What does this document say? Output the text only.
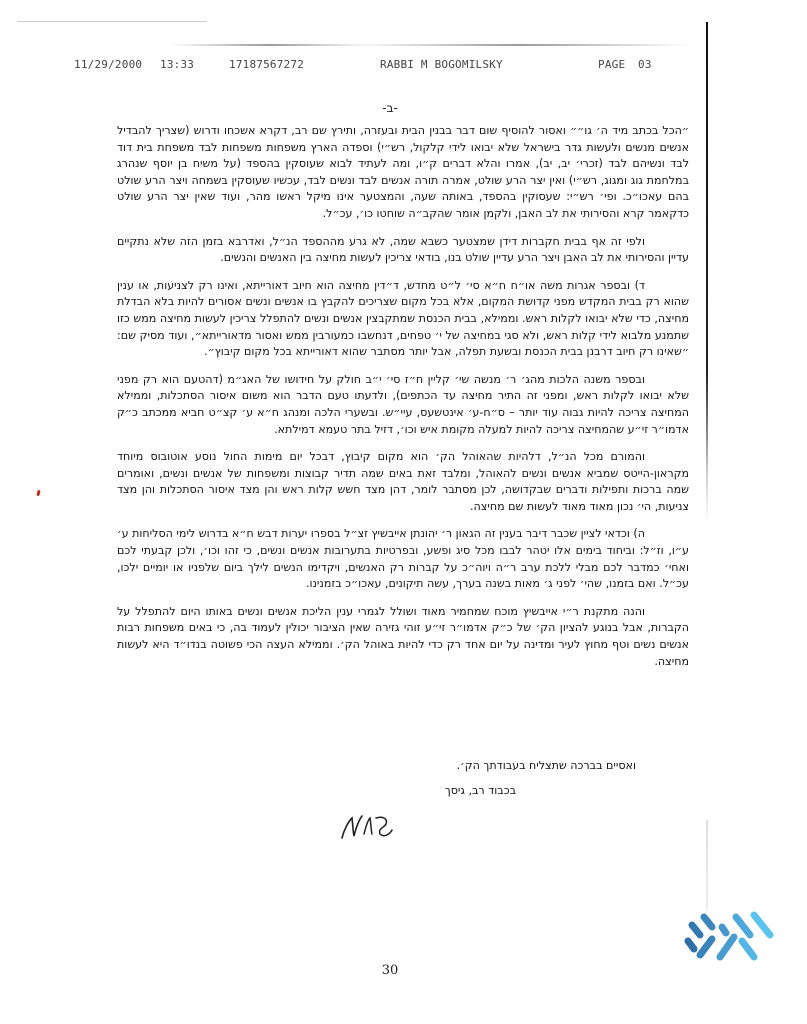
11/29/2000 13:33	17187567272	RABBI M BOGOMILSKY	PAGE 03
-ב-

״הכל בכתב מיד ה׳ גו״״ ואסור להוסיף שום דבר בבנין הבית ובעזרה, ותירץ שם רב, דקרא אשכחו ודרוש (שצריך להבדיל אנשים מנשים ולעשות גדר בישראל שלא יבואו לידי קלקול, רש״י) וספדה הארץ משפחות משפחות לבד משפחת בית דוד לבד ונשיהם לבד (זכרי׳ יב, יב), אמרו והלא דברים ק״ו, ומה לעתיד לבוא שעוסקין בהספד (על משיח בן יוסף שנהרג במלחמת גוג ומגוג, רש״י) ואין יצר הרע שולט, אמרה תורה אנשים לבד ונשים לבד, עכשיו שעוסקין בשמחה ויצר הרע שולט בהם עאכו״כ. ופי׳ רש״י: שעסוקין בהספד, באותה שעה, והמצטער אינו מיקל ראשו מהר, ועוד שאין יצר הרע שולט כדקאמר קרא והסירותי את לב האבן, ולקמן אומר שהקב״ה שוחטו כו׳, עכ״ל.

ולפי זה אף בבית חקברות דידן שמצטער כשבא שמה, לא גרע מההספד הנ״ל, ואדרבא בזמן הזה שלא נתקיים עדיין והסירותי את לב האבן ויצר הרע עדיין שולט בנו, בודאי צריכין לעשות מחיצה בין האנשים והנשים.

ד) ובספר אגרות משה או״ח ח״א סי׳ ל״ט מחדש, ד״דין מחיצה הוא חיוב דאורייתא, ואינו רק לצניעות, או ענין שהוא רק בבית המקדש מפני קדושת המקום, אלא בכל מקום שצריכים להקבץ בו אנשים ונשים אסורים להיות בלא הבדלת מחיצה, כדי שלא יבואו לקלות ראש. וממילא, בבית הכנסת שמתקבצין אנשים ונשים להתפלל צריכין לעשות מחיצה ממש כזו שתמנע מלבוא לידי קלות ראש, ולא סגי במחיצה של י׳ טפחים, דנחשבו כמעורבין ממש ואסור מדאורייתא״, ועוד מסיק שם: ״שאינו רק חיוב דרבנן בבית הכנסת ובשעת תפלה, אבל יותר מסתבר שהוא דאורייתא בכל מקום קיבוץ״.

ובספר משנה הלכות מהג׳ ר׳ מנשה שי׳ קליין ח״ז סי׳ י״ב חולק על חידושו של האג״מ (דהטעם הוא רק מפני שלא יבואו לקלות ראש, ומפני זה התיר מחיצה עד הכתפים), ולדעתו טעם הדבר הוא משום איסור הסתכלות, וממילא המחיצה צריכה להיות גבוה עוד יותר – ס״ח-ע׳ אינטשעס, עיי״ש. ובשערי הלכה ומנהג ח״א ע׳ קצ״ט חביא ממכתב כ״ק אדמו״ר זי״ע שהמחיצה צריכה להיות למעלה מקומת איש וכו׳, דזיל בתר טעמא דמילתא.

והמורם מכל הנ״ל, דלהיות שהאוהל הק׳ הוא מקום קיבוץ, דבכל יום מימות החול נוסע אוטובוס מיוחד מקראון-הייטס שמביא אנשים ונשים להאוהל, ומלבד זאת באים שמה תדיר קבוצות ומשפחות של אנשים ונשים, ואומרים שמה ברכות ותפילות ודברים שבקדושה, לכן מסתבר לומר, דהן מצד חשש קלות ראש והן מצד איסור הסתכלות והן מצד צניעות, הי׳ נכון מאוד מאוד לעשות שם מחיצה.

ה) וכדאי לציין שכבר דיבר בענין זה הגאון ר׳ יהונתן אייבשיץ זצ״ל בספרו יערות דבש ח״א בדרוש לימי הסליחות ע׳ ע״ו, וז״ל: וביחוד בימים אלו יטהר לבבו מכל סיג ופשע, ובפרטיות בתערובות אנשים ונשים, כי זהו וכו׳, ולכן קבעתי לכם ואחי׳ כמדבר לכם מבלי ללכת ערב ר״ה ויוה״כ על קברות רק האנשים, ויקדימו הנשים לילך ביום שלפניו או יומיים ילכו, עכ״ל. ואם בזמנו, שהי׳ לפני ג׳ מאות בשנה בערך, עשה תיקונים, עאכו״כ בזמנינו.

והנה מתקנת ר״י אייבשיץ מוכח שמחמיר מאוד ושולל לגמרי ענין הליכת אנשים ונשים באותו היום להתפלל על הקברות, אבל בנוגע להציון הק׳ של כ״ק אדמו״ר זי״ע זוהי גזירה שאין הציבור יכולין לעמוד בה, כי באים משפחות רבות אנשים נשים וטף מחוץ לעיר ומדינה על יום אחד רק כדי להיות באוהל הק׳. וממילא העצה הכי פשוטה בנדו״ד היא לעשות מחיצה.

ואסיים בברכה שתצליח בעבודתך הק׳.
בכבוד רב, גיסך
30
